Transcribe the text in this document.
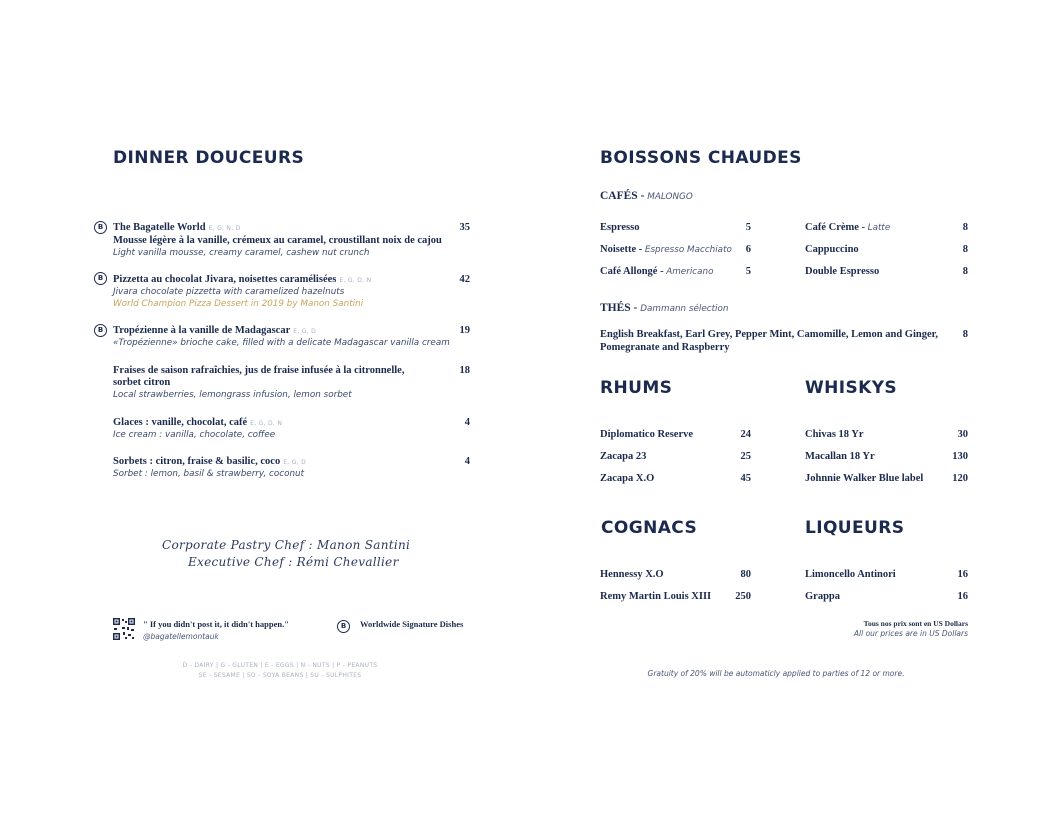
DINNER DOUCEURS
B The Bagatelle World E, G, N, D	35
Mousse légère à la vanille, crémeux au caramel, croustillant noix de cajou
Light vanilla mousse, creamy caramel, cashew nut crunch
B Pizzetta au chocolat Jivara, noisettes caramélisées E, G, D, N	42
Jivara chocolate pizzetta with caramelized hazelnuts
World Champion Pizza Dessert in 2019 by Manon Santini
B Tropézienne à la vanille de Madagascar E, G, D	19
«Tropézienne» brioche cake, filled with a delicate Madagascar vanilla cream
Fraises de saison rafraîchies, jus de fraise infusée à la citronnelle,
sorbet citron
18
Local strawberries, lemongrass infusion, lemon sorbet
Glaces : vanille, chocolat, café E, G, D, N	4
Ice cream : vanilla, chocolate, coffee
Sorbets : citron, fraise & basilic, coco E, G, D	4
Sorbet : lemon, basil & strawberry, coconut
Corporate Pastry Chef : Manon Santini
Executive Chef : Rémi Chevallier
" If you didn't post it, it didn't happen."
@bagatellemontauk
B	Worldwide Signature Dishes
D - DAIRY | G - GLUTEN | E - EGGS | N - NUTS | P - PEANUTS
SE - SESAME | SO - SOYA BEANS | SU - SULPHITES
BOISSONS CHAUDES
CAFÉS - MALONGO
Espresso	5
Noisette - Espresso Macchiato	6
Café Allongé - Americano	5
Café Crème - Latte	8
Cappuccino	8
Double Espresso	8
THÉS - Dammann sélection
English Breakfast, Earl Grey, Pepper Mint, Camomille, Lemon and Ginger,
Pomegranate and Raspberry
8
RHUMS
Diplomatico Reserve	24
Zacapa 23	25
Zacapa X.O	45
WHISKYS
Chivas 18 Yr	30
Macallan 18 Yr	130
Johnnie Walker Blue label	120
COGNACS
Hennessy X.O	80
Remy Martin Louis XIII	250
LIQUEURS
Limoncello Antinori	16
Grappa	16
Tous nos prix sont en US Dollars
All our prices are in US Dollars
Gratuity of 20% will be automaticly applied to parties of 12 or more.
